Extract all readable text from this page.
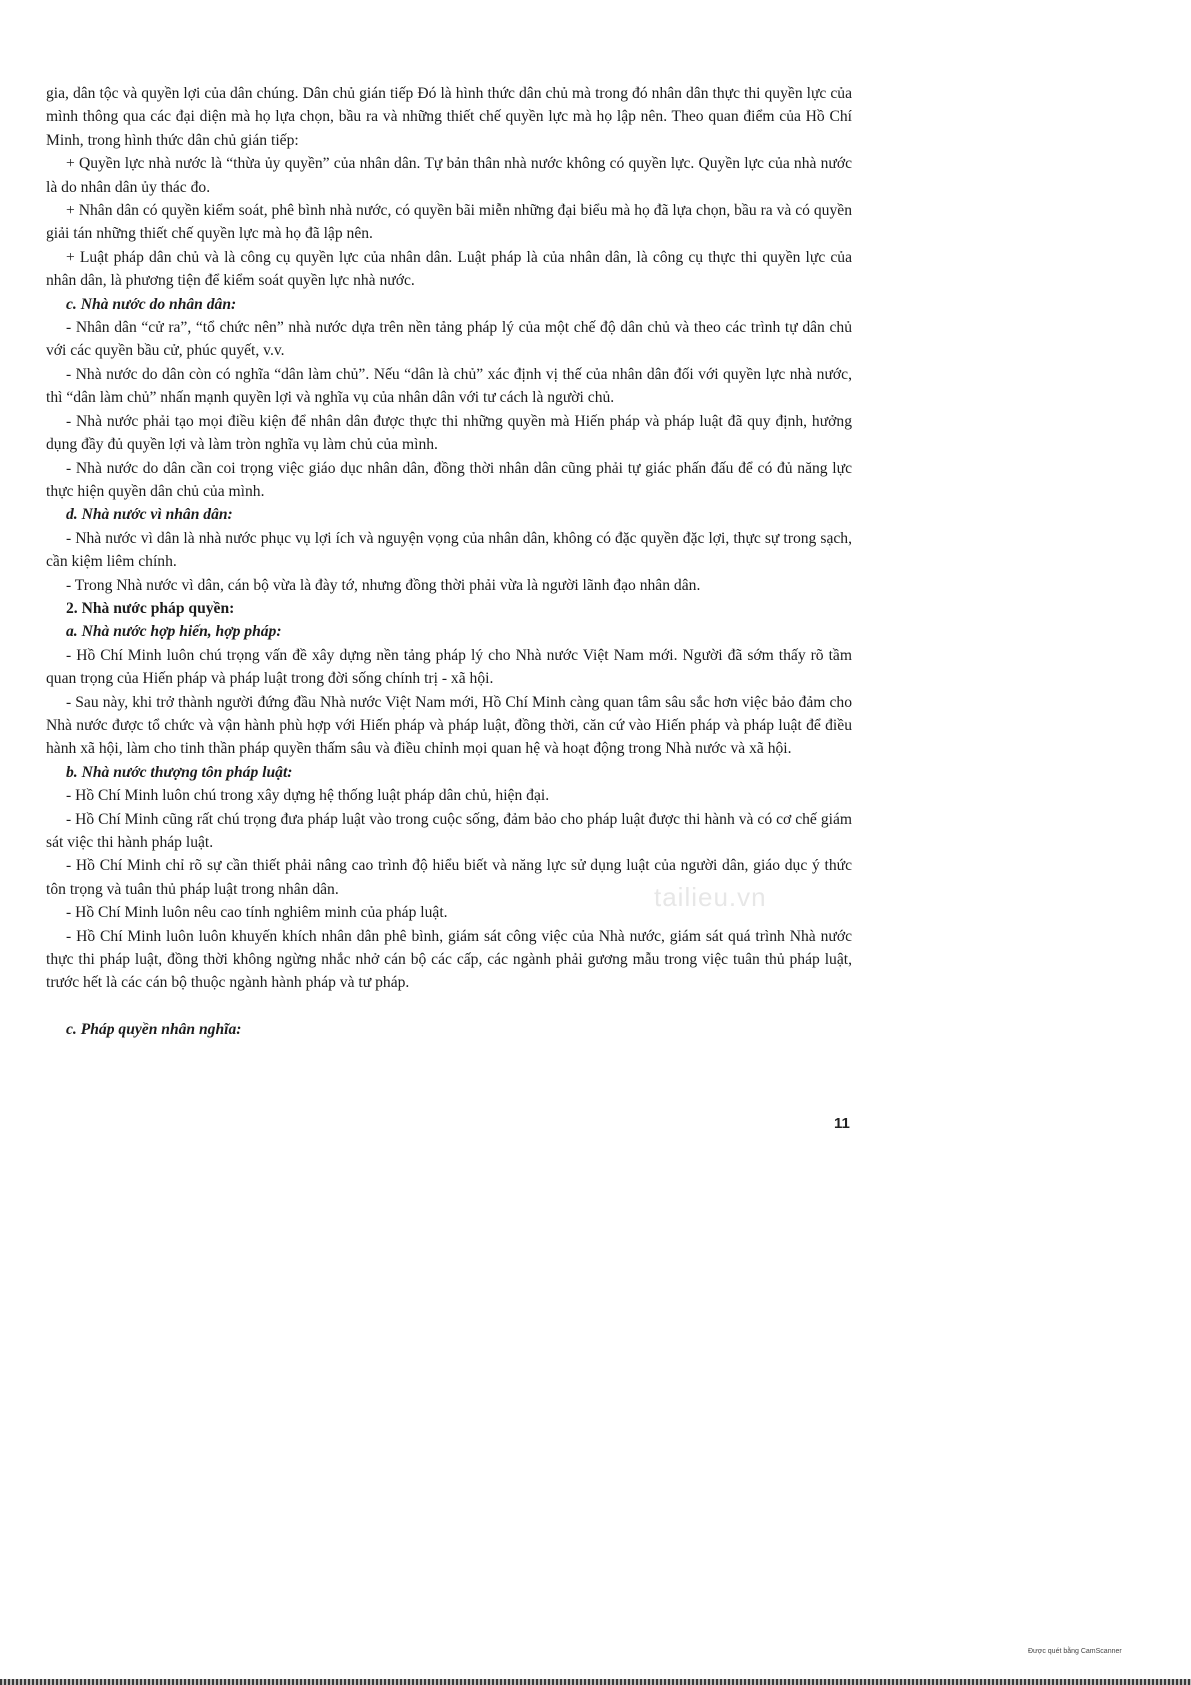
gia, dân tộc và quyền lợi của dân chúng. Dân chủ gián tiếp Đó là hình thức dân chủ mà trong đó nhân dân thực thi quyền lực của mình thông qua các đại diện mà họ lựa chọn, bầu ra và những thiết chế quyền lực mà họ lập nên. Theo quan điểm của Hồ Chí Minh, trong hình thức dân chủ gián tiếp:

+ Quyền lực nhà nước là “thừa ủy quyền” của nhân dân. Tự bản thân nhà nước không có quyền lực. Quyền lực của nhà nước là do nhân dân ủy thác đo.

+ Nhân dân có quyền kiểm soát, phê bình nhà nước, có quyền bãi miễn những đại biểu mà họ đã lựa chọn, bầu ra và có quyền giải tán những thiết chế quyền lực mà họ đã lập nên.

+ Luật pháp dân chủ và là công cụ quyền lực của nhân dân. Luật pháp là của nhân dân, là công cụ thực thi quyền lực của nhân dân, là phương tiện để kiểm soát quyền lực nhà nước.

c. Nhà nước do nhân dân:

- Nhân dân “cử ra”, “tổ chức nên” nhà nước dựa trên nền tảng pháp lý của một chế độ dân chủ và theo các trình tự dân chủ với các quyền bầu cử, phúc quyết, v.v.

- Nhà nước do dân còn có nghĩa “dân làm chủ”. Nếu “dân là chủ” xác định vị thế của nhân dân đối với quyền lực nhà nước, thì “dân làm chủ” nhấn mạnh quyền lợi và nghĩa vụ của nhân dân với tư cách là người chủ.

- Nhà nước phải tạo mọi điều kiện để nhân dân được thực thi những quyền mà Hiến pháp và pháp luật đã quy định, hưởng dụng đầy đủ quyền lợi và làm tròn nghĩa vụ làm chủ của mình.

- Nhà nước do dân cần coi trọng việc giáo dục nhân dân, đồng thời nhân dân cũng phải tự giác phấn đấu để có đủ năng lực thực hiện quyền dân chủ của mình.

d. Nhà nước vì nhân dân:

- Nhà nước vì dân là nhà nước phục vụ lợi ích và nguyện vọng của nhân dân, không có đặc quyền đặc lợi, thực sự trong sạch, cần kiệm liêm chính.

- Trong Nhà nước vì dân, cán bộ vừa là đày tớ, nhưng đồng thời phải vừa là người lãnh đạo nhân dân.

2. Nhà nước pháp quyền:

a. Nhà nước hợp hiến, hợp pháp:

- Hồ Chí Minh luôn chú trọng vấn đề xây dựng nền tảng pháp lý cho Nhà nước Việt Nam mới. Người đã sớm thấy rõ tầm quan trọng của Hiến pháp và pháp luật trong đời sống chính trị - xã hội.

- Sau này, khi trở thành người đứng đầu Nhà nước Việt Nam mới, Hồ Chí Minh càng quan tâm sâu sắc hơn việc bảo đảm cho Nhà nước được tổ chức và vận hành phù hợp với Hiến pháp và pháp luật, đồng thời, căn cứ vào Hiến pháp và pháp luật để điều hành xã hội, làm cho tinh thần pháp quyền thấm sâu và điều chỉnh mọi quan hệ và hoạt động trong Nhà nước và xã hội.

b. Nhà nước thượng tôn pháp luật:

- Hồ Chí Minh luôn chú trong xây dựng hệ thống luật pháp dân chủ, hiện đại.

- Hồ Chí Minh cũng rất chú trọng đưa pháp luật vào trong cuộc sống, đảm bảo cho pháp luật được thi hành và có cơ chế giám sát việc thi hành pháp luật.

- Hồ Chí Minh chỉ rõ sự cần thiết phải nâng cao trình độ hiểu biết và năng lực sử dụng luật của người dân, giáo dục ý thức tôn trọng và tuân thủ pháp luật trong nhân dân.

- Hồ Chí Minh luôn nêu cao tính nghiêm minh của pháp luật.

- Hồ Chí Minh luôn luôn khuyến khích nhân dân phê bình, giám sát công việc của Nhà nước, giám sát quá trình Nhà nước thực thi pháp luật, đồng thời không ngừng nhắc nhở cán bộ các cấp, các ngành phải gương mẫu trong việc tuân thủ pháp luật, trước hết là các cán bộ thuộc ngành hành pháp và tư pháp.

c. Pháp quyền nhân nghĩa:

tailieu.vn
11
Được quét bằng CamScanner
